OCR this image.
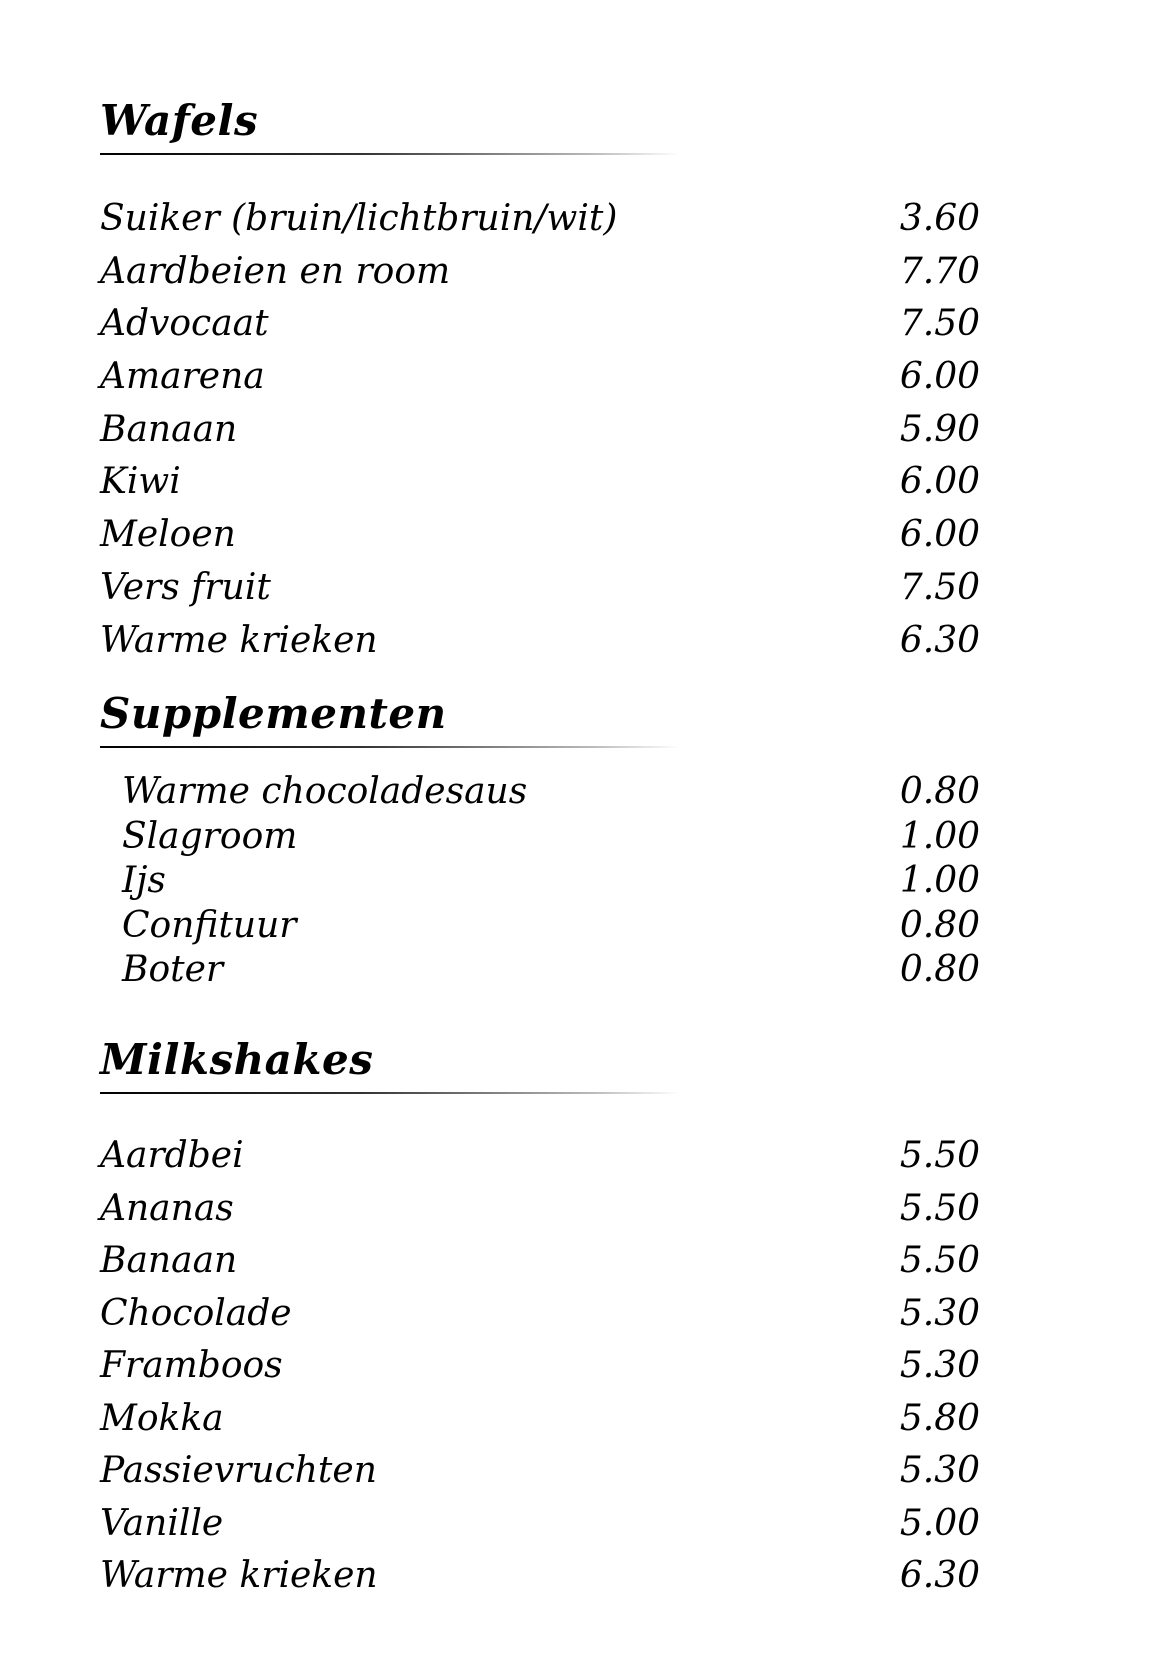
Wafels
Suiker (bruin/lichtbruin/wit)	3.60
Aardbeien en room	7.70
Advocaat	7.50
Amarena	6.00
Banaan	5.90
Kiwi	6.00
Meloen	6.00
Vers fruit	7.50
Warme krieken	6.30
Supplementen
Warme chocoladesaus	0.80
Slagroom	1.00
Ijs	1.00
Confituur	0.80
Boter	0.80
Milkshakes
Aardbei	5.50
Ananas	5.50
Banaan	5.50
Chocolade	5.30
Framboos	5.30
Mokka	5.80
Passievruchten	5.30
Vanille	5.00
Warme krieken	6.30
